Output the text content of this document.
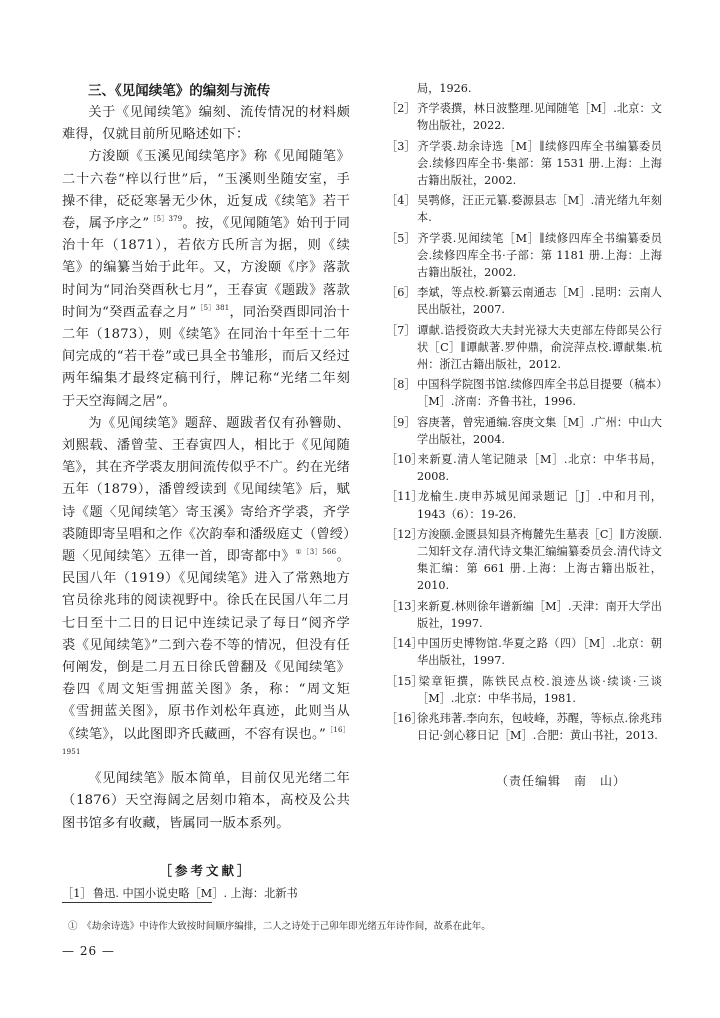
三、《见闻续笔》的编刻与流传

关于《见闻续笔》编刻、流传情况的材料颇难得，仅就目前所见略述如下：

方浚颐《玉溪见闻续笔序》称《见闻随笔》二十六卷“梓以行世”后，“玉溪则坐随安室，手操不律，砭砭寒暑无少休，近复成《续笔》若干卷，属予序之”$^{[5]379}$。按，《见闻随笔》始刊于同治十年（1871），若依方氏所言为据，则《续笔》的编纂当始于此年。又，方浚颐《序》落款时间为“同治癸酉秋七月”，王春寅《题跋》落款时间为“癸酉孟春之月”$^{[5]381}$，同治癸酉即同治十二年（1873），则《续笔》在同治十年至十二年间完成的“若干卷”或已具全书雏形，而后又经过两年编集才最终定稿刊行，牌记称“光绪二年刻于天空海阔之居”。

为《见闻续笔》题辞、题跋者仅有孙簪勋、刘熙载、潘曾莹、王春寅四人，相比于《见闻随笔》，其在齐学裘友朋间流传似乎不广。约在光绪五年（1879），潘曾绶读到《见闻续笔》后，赋诗《题〈见闻续笔〉寄玉溪》寄给齐学裘，齐学裘随即寄呈唱和之作《次韵奉和潘级庭丈（曾绶）题〈见闻续笔〉五律一首，即寄都中》$^{①[3]566}$。民国八年（1919）《见闻续笔》进入了常熟地方官员徐兆玮的阅读视野中。徐氏在民国八年二月七日至十二日的日记中连续记录了每日“阅齐学裘《见闻续笔》”二到六卷不等的情况，但没有任何阐发，倒是二月五日徐氏曾翻及《见闻续笔》卷四《周文矩雪拥蓝关图》条，称：“周文矩《雪拥蓝关图》，原书作刘松年真迹，此则当从《续笔》，以此图即齐氏藏画，不容有误也。”$^{[16]1951}$

《见闻续笔》版本简单，目前仅见光绪二年（1876）天空海阔之居刻巾箱本，高校及公共图书馆多有收藏，皆属同一版本系列。

［参考文献］
［1］ 鲁迅. 中国小说史略［M］. 上海：北新书
局，1926.
［2］ 齐学裘撰，林日波整理.见闻随笔［M］.北京：文物出版社，2022.
［3］ 齐学裘.劫余诗选［M］∥续修四库全书编纂委员会.续修四库全书·集部：第 1531 册.上海：上海古籍出版社，2002.
［4］ 吴鹗修，汪正元纂.婺源县志［M］.清光绪九年刻本.
［5］ 齐学裘.见闻续笔［M］∥续修四库全书编纂委员会.续修四库全书·子部：第 1181 册.上海：上海古籍出版社，2002.
［6］ 李斌，等点校.新纂云南通志［M］.昆明：云南人民出版社，2007.
［7］ 谭献.诰授资政大夫封光禄大夫吏部左侍郎吴公行状［C］∥谭献著.罗仲鼎，俞浣萍点校.谭献集.杭州：浙江古籍出版社，2012.
［8］ 中国科学院图书馆.续修四库全书总目提要（稿本）［M］.济南：齐鲁书社，1996.
［9］ 容庚著，曾宪通编.容庚文集［M］.广州：中山大学出版社，2004.
［10］来新夏.清人笔记随录［M］.北京：中华书局，2008.
［11］龙榆生.庚申苏城见闻录题记［J］.中和月刊，1943（6）：19-26.
［12］方浚颐.金匮县知县齐梅麓先生墓表［C］∥方浚颐.二知轩文存.清代诗文集汇编编纂委员会.清代诗文集汇编：第 661 册.上海：上海古籍出版社，2010.
［13］来新夏.林则徐年谱新编［M］.天津：南开大学出版社，1997.
［14］中国历史博物馆.华夏之路（四）［M］.北京：朝华出版社，1997.
［15］梁章钜撰，陈铁民点校.浪迹丛谈·续谈·三谈［M］.北京：中华书局，1981.
［16］徐兆玮著.李向东，包岐峰，苏醒，等标点.徐兆玮日记·剑心簃日记［M］.合肥：黄山书社，2013.
（责任编辑　南　山）
①　《劫余诗选》中诗作大致按时间顺序编排，二人之诗处于己卯年即光绪五年诗作间，故系在此年。
— 26 —
